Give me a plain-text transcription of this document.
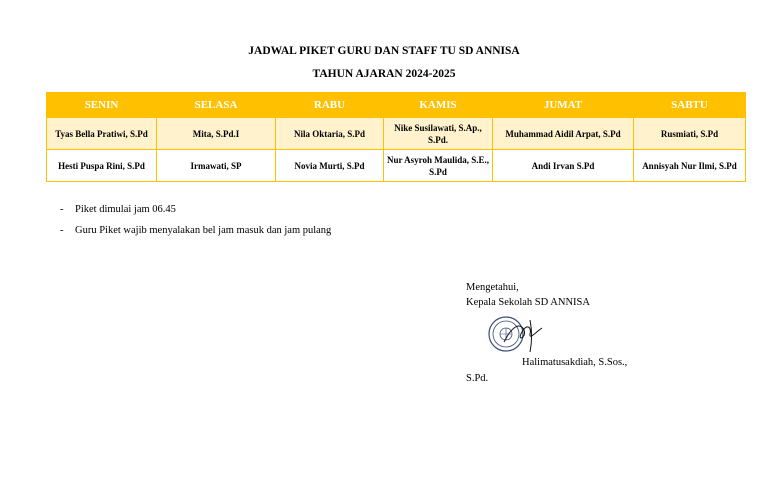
JADWAL PIKET GURU DAN STAFF TU SD ANNISA
TAHUN AJARAN 2024-2025
SENIN	SELASA	RABU	KAMIS	JUMAT	SABTU
Tyas Bella Pratiwi, S.Pd	Mita, S.Pd.I	Nila Oktaria, S.Pd	Nike Susilawati, S.Ap., S.Pd.	Muhammad Aidil Arpat, S.Pd	Rusmiati, S.Pd
Hesti Puspa Rini, S.Pd	Irmawati, SP	Novia Murti, S.Pd	Nur Asyroh Maulida, S.E., S.Pd	Andi Irvan S.Pd	Annisyah Nur Ilmi, S.Pd
- Piket dimulai jam 06.45
- Guru Piket wajib menyalakan bel jam masuk dan jam pulang
Mengetahui,
Kepala Sekolah SD ANNISA
Halimatusakdiah, S.Sos.,
S.Pd.
